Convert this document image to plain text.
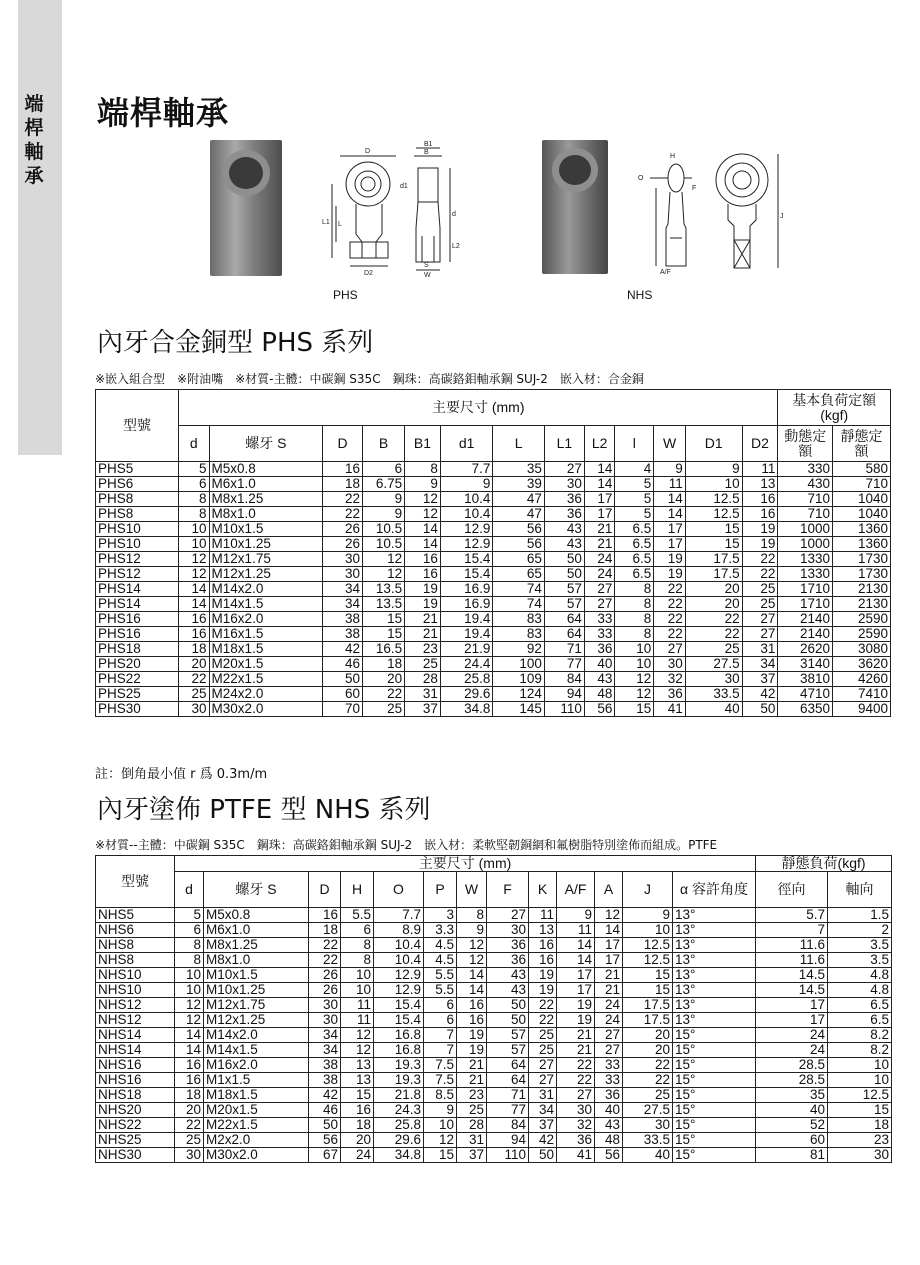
端桿軸承
端桿軸承
D
B1
B
L1 L
d1
D2
d
L2
W
S
PHS
H
O
F
A/F
J
NHS
內牙合金銅型 PHS 系列
※嵌入組合型　※附油嘴　※材質-主體：中碳鋼 S35C　鋼珠：高碳鉻鉬軸承鋼 SUJ-2　嵌入材：合金銅
型號	主要尺寸 (mm)													基本負荷定額(kgf)	
	d	螺牙 S	D	B	B1	d1	L	L1	L2	l	W	D1	D2	動態定額	靜態定額
PHS5	5	M5x0.8	16	6	8	7.7	35	27	14	4	9	9	11	330	580
PHS6	6	M6x1.0	18	6.75	9	9	39	30	14	5	11	10	13	430	710
PHS8	8	M8x1.25	22	9	12	10.4	47	36	17	5	14	12.5	16	710	1040
PHS8	8	M8x1.0	22	9	12	10.4	47	36	17	5	14	12.5	16	710	1040
PHS10	10	M10x1.5	26	10.5	14	12.9	56	43	21	6.5	17	15	19	1000	1360
PHS10	10	M10x1.25	26	10.5	14	12.9	56	43	21	6.5	17	15	19	1000	1360
PHS12	12	M12x1.75	30	12	16	15.4	65	50	24	6.5	19	17.5	22	1330	1730
PHS12	12	M12x1.25	30	12	16	15.4	65	50	24	6.5	19	17.5	22	1330	1730
PHS14	14	M14x2.0	34	13.5	19	16.9	74	57	27	8	22	20	25	1710	2130
PHS14	14	M14x1.5	34	13.5	19	16.9	74	57	27	8	22	20	25	1710	2130
PHS16	16	M16x2.0	38	15	21	19.4	83	64	33	8	22	22	27	2140	2590
PHS16	16	M16x1.5	38	15	21	19.4	83	64	33	8	22	22	27	2140	2590
PHS18	18	M18x1.5	42	16.5	23	21.9	92	71	36	10	27	25	31	2620	3080
PHS20	20	M20x1.5	46	18	25	24.4	100	77	40	10	30	27.5	34	3140	3620
PHS22	22	M22x1.5	50	20	28	25.8	109	84	43	12	32	30	37	3810	4260
PHS25	25	M24x2.0	60	22	31	29.6	124	94	48	12	36	33.5	42	4710	7410
PHS30	30	M30x2.0	70	25	37	34.8	145	110	56	15	41	40	50	6350	9400
註：倒角最小值 r 爲 0.3m/m
內牙塗佈 PTFE 型 NHS 系列
※材質--主體：中碳鋼 S35C　鋼珠：高碳鉻鉬軸承鋼 SUJ-2　嵌入材：柔軟堅韌銅網和氟樹脂特別塗佈而組成。PTFE
型號	主要尺寸 (mm)													靜態負荷(kgf)	
	d	螺牙 S	D	H	O	P	W	F	K	A/F	A	J	α 容許角度	徑向	軸向
NHS5	5	M5x0.8	16	5.5	7.7	3	8	27	11	9	12	9	13°	5.7	1.5
NHS6	6	M6x1.0	18	6	8.9	3.3	9	30	13	11	14	10	13°	7	2
NHS8	8	M8x1.25	22	8	10.4	4.5	12	36	16	14	17	12.5	13°	11.6	3.5
NHS8	8	M8x1.0	22	8	10.4	4.5	12	36	16	14	17	12.5	13°	11.6	3.5
NHS10	10	M10x1.5	26	10	12.9	5.5	14	43	19	17	21	15	13°	14.5	4.8
NHS10	10	M10x1.25	26	10	12.9	5.5	14	43	19	17	21	15	13°	14.5	4.8
NHS12	12	M12x1.75	30	11	15.4	6	16	50	22	19	24	17.5	13°	17	6.5
NHS12	12	M12x1.25	30	11	15.4	6	16	50	22	19	24	17.5	13°	17	6.5
NHS14	14	M14x2.0	34	12	16.8	7	19	57	25	21	27	20	15°	24	8.2
NHS14	14	M14x1.5	34	12	16.8	7	19	57	25	21	27	20	15°	24	8.2
NHS16	16	M16x2.0	38	13	19.3	7.5	21	64	27	22	33	22	15°	28.5	10
NHS16	16	M1x1.5	38	13	19.3	7.5	21	64	27	22	33	22	15°	28.5	10
NHS18	18	M18x1.5	42	15	21.8	8.5	23	71	31	27	36	25	15°	35	12.5
NHS20	20	M20x1.5	46	16	24.3	9	25	77	34	30	40	27.5	15°	40	15
NHS22	22	M22x1.5	50	18	25.8	10	28	84	37	32	43	30	15°	52	18
NHS25	25	M2x2.0	56	20	29.6	12	31	94	42	36	48	33.5	15°	60	23
NHS30	30	M30x2.0	67	24	34.8	15	37	110	50	41	56	40	15°	81	30
